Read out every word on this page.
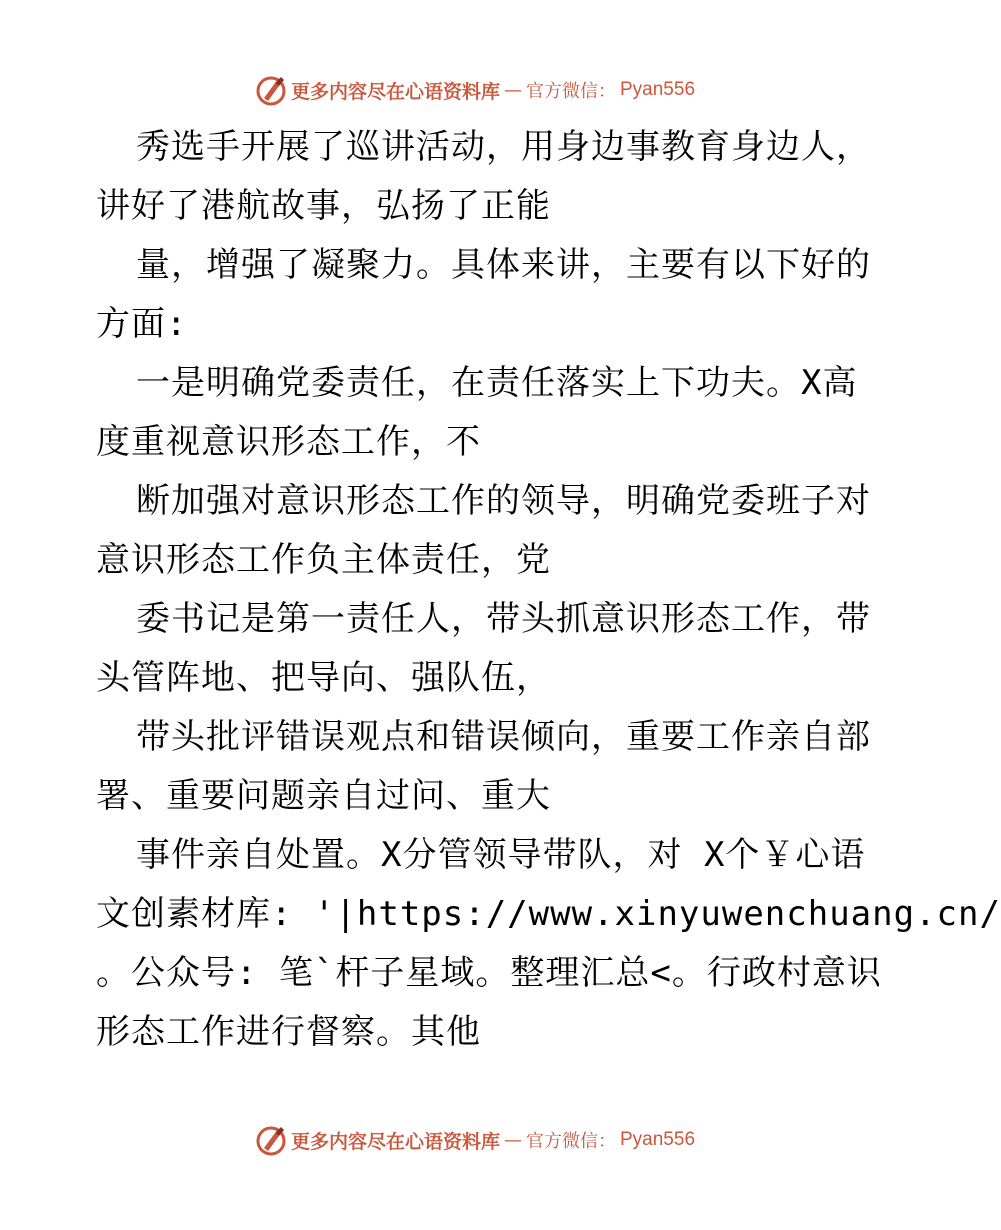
更多内容尽在心语资料库 — 官方微信： Pyan556
秀选手开展了巡讲活动，用身边事教育身边人，
讲好了港航故事，弘扬了正能
量，增强了凝聚力。具体来讲，主要有以下好的
方面:
一是明确党委责任，在责任落实上下功夫。X高
度重视意识形态工作，不
断加强对意识形态工作的领导，明确党委班子对
意识形态工作负主体责任，党
委书记是第一责任人，带头抓意识形态工作，带
头管阵地、把导向、强队伍，
带头批评错误观点和错误倾向，重要工作亲自部
署、重要问题亲自过问、重大
事件亲自处置。X分管领导带队，对 X个￥心语
文创素材库: '|https://www.xinyuwenchuang.cn/
。公众号: 笔`杆子星域。整理汇总<。行政村意识
形态工作进行督察。其他
更多内容尽在心语资料库 — 官方微信： Pyan556
